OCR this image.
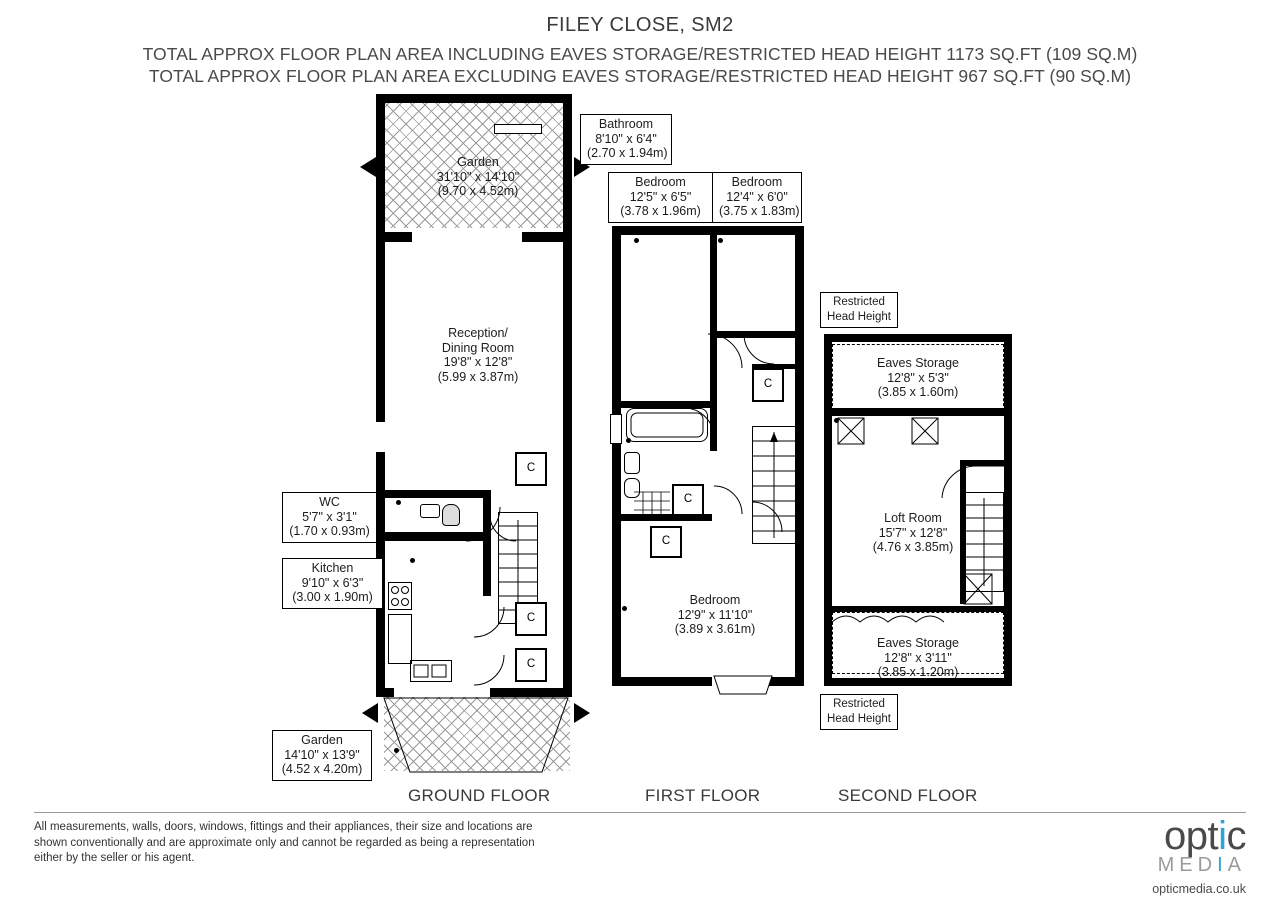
FILEY CLOSE, SM2
TOTAL APPROX FLOOR PLAN AREA INCLUDING EAVES STORAGE/RESTRICTED HEAD HEIGHT 1173 SQ.FT (109 SQ.M)
TOTAL APPROX FLOOR PLAN AREA EXCLUDING EAVES STORAGE/RESTRICTED HEAD HEIGHT 967 SQ.FT (90 SQ.M)
C
C
C
Garden
31'10" x 14'10"
(9.70 x 4.52m)
Reception/
Dining Room
19'8" x 12'8"
(5.99 x 3.87m)
WC
5'7" x 3'1"
(1.70 x 0.93m)
Kitchen
9'10" x 6'3"
(3.00 x 1.90m)
Garden
14'10" x 13'9"
(4.52 x 4.20m)
C
C
C
Bathroom
8'10" x 6'4"
(2.70 x 1.94m)
Bedroom
12'5" x 6'5"
(3.78 x 1.96m)
Bedroom
12'4" x 6'0"
(3.75 x 1.83m)
Bedroom
12'9" x 11'10"
(3.89 x 3.61m)
Restricted
Head Height
Eaves Storage
12'8" x 5'3"
(3.85 x 1.60m)
Loft Room
15'7" x 12'8"
(4.76 x 3.85m)
Eaves Storage
12'8" x 3'11"
(3.85 x 1.20m)
Restricted
Head Height
GROUND FLOOR	FIRST FLOOR	SECOND FLOOR
All measurements, walls, doors, windows, fittings and their appliances, their size and locations are
shown conventionally and are approximate only and cannot be regarded as being a representation
either by the seller or his agent.	optic
MEDIA
opticmedia.co.uk
